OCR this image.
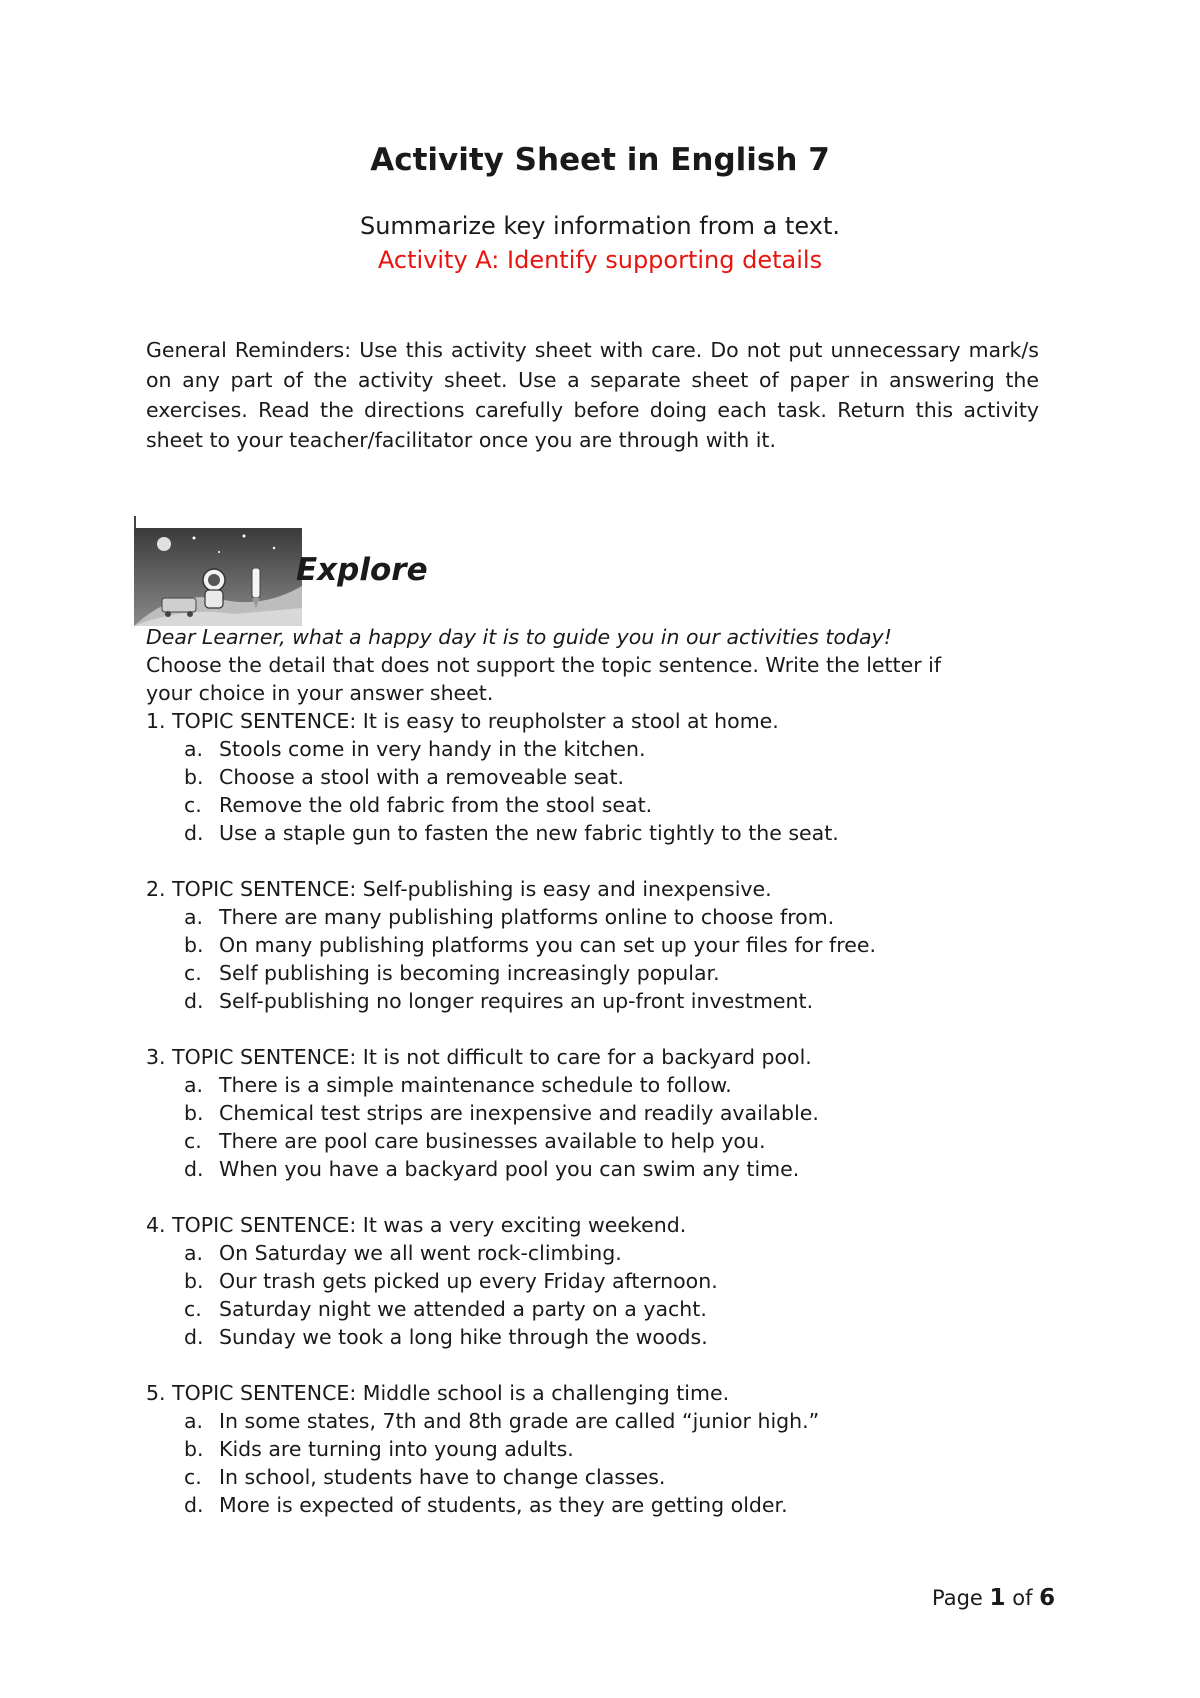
Activity Sheet in English 7

Summarize key information from a text.

Activity A: Identify supporting details

General Reminders: Use this activity sheet with care. Do not put unnecessary mark/s on any part of the activity sheet. Use a separate sheet of paper in answering the exercises. Read the directions carefully before doing each task. Return this activity sheet to your teacher/facilitator once you are through with it.

Explore

Dear Learner, what a happy day it is to guide you in our activities today!

Choose the detail that does not support the topic sentence. Write the letter if

your choice in your answer sheet.

1. TOPIC SENTENCE: It is easy to reupholster a stool at home.

a. Stools come in very handy in the kitchen.
b. Choose a stool with a removeable seat.
c. Remove the old fabric from the stool seat.
d. Use a staple gun to fasten the new fabric tightly to the seat.

2. TOPIC SENTENCE: Self-publishing is easy and inexpensive.

a. There are many publishing platforms online to choose from.
b. On many publishing platforms you can set up your files for free.
c. Self publishing is becoming increasingly popular.
d. Self-publishing no longer requires an up-front investment.

3. TOPIC SENTENCE: It is not difficult to care for a backyard pool.

a. There is a simple maintenance schedule to follow.
b. Chemical test strips are inexpensive and readily available.
c. There are pool care businesses available to help you.
d. When you have a backyard pool you can swim any time.

4. TOPIC SENTENCE: It was a very exciting weekend.

a. On Saturday we all went rock-climbing.
b. Our trash gets picked up every Friday afternoon.
c. Saturday night we attended a party on a yacht.
d. Sunday we took a long hike through the woods.

5. TOPIC SENTENCE: Middle school is a challenging time.

a. In some states, 7th and 8th grade are called “junior high.”
b. Kids are turning into young adults.
c. In school, students have to change classes.
d. More is expected of students, as they are getting older.

Page 1 of 6
